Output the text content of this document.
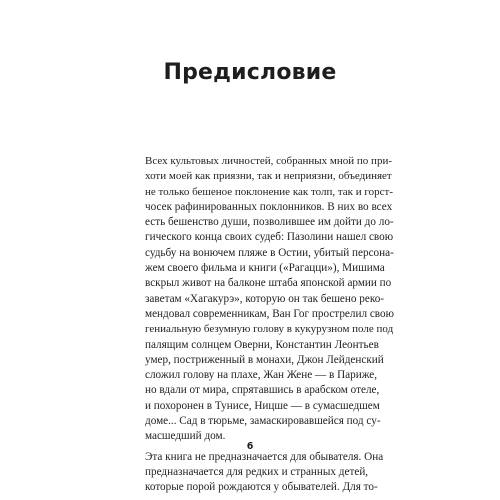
Предисловие

Всех культовых личностей, собранных мной по при-
хоти моей как приязни, так и неприязни, объединяет
не только бешеное поклонение как толп, так и горст-
чосек рафинированных поклонников. В них во всех
есть бешенство души, позволившее им дойти до ло-
гического конца своих судеб: Пазолини нашел свою
судьбу на вонючем пляже в Остии, убитый персона-
жем своего фильма и книги («Рагацци»), Мишима
вскрыл живот на балконе штаба японской армии по
заветам «Хагакурэ», которую он так бешено реко-
мендовал современникам, Ван Гог прострелил свою
гениальную безумную голову в кукурузном поле под
палящим солнцем Оверни, Константин Леонтьев
умер, постриженный в монахи, Джон Лейденский
сложил голову на плахе, Жан Жене — в Париже,
но вдали от мира, спрятавшись в арабском отеле,
и похоронен в Тунисе, Ницше — в сумасшедшем
доме... Сад в тюрьме, замаскировавшейся под су-
масшедший дом.

Эта книга не предназначается для обывателя. Она
предназначается для редких и странных детей,
которые порой рождаются у обывателей. Для то-

6
